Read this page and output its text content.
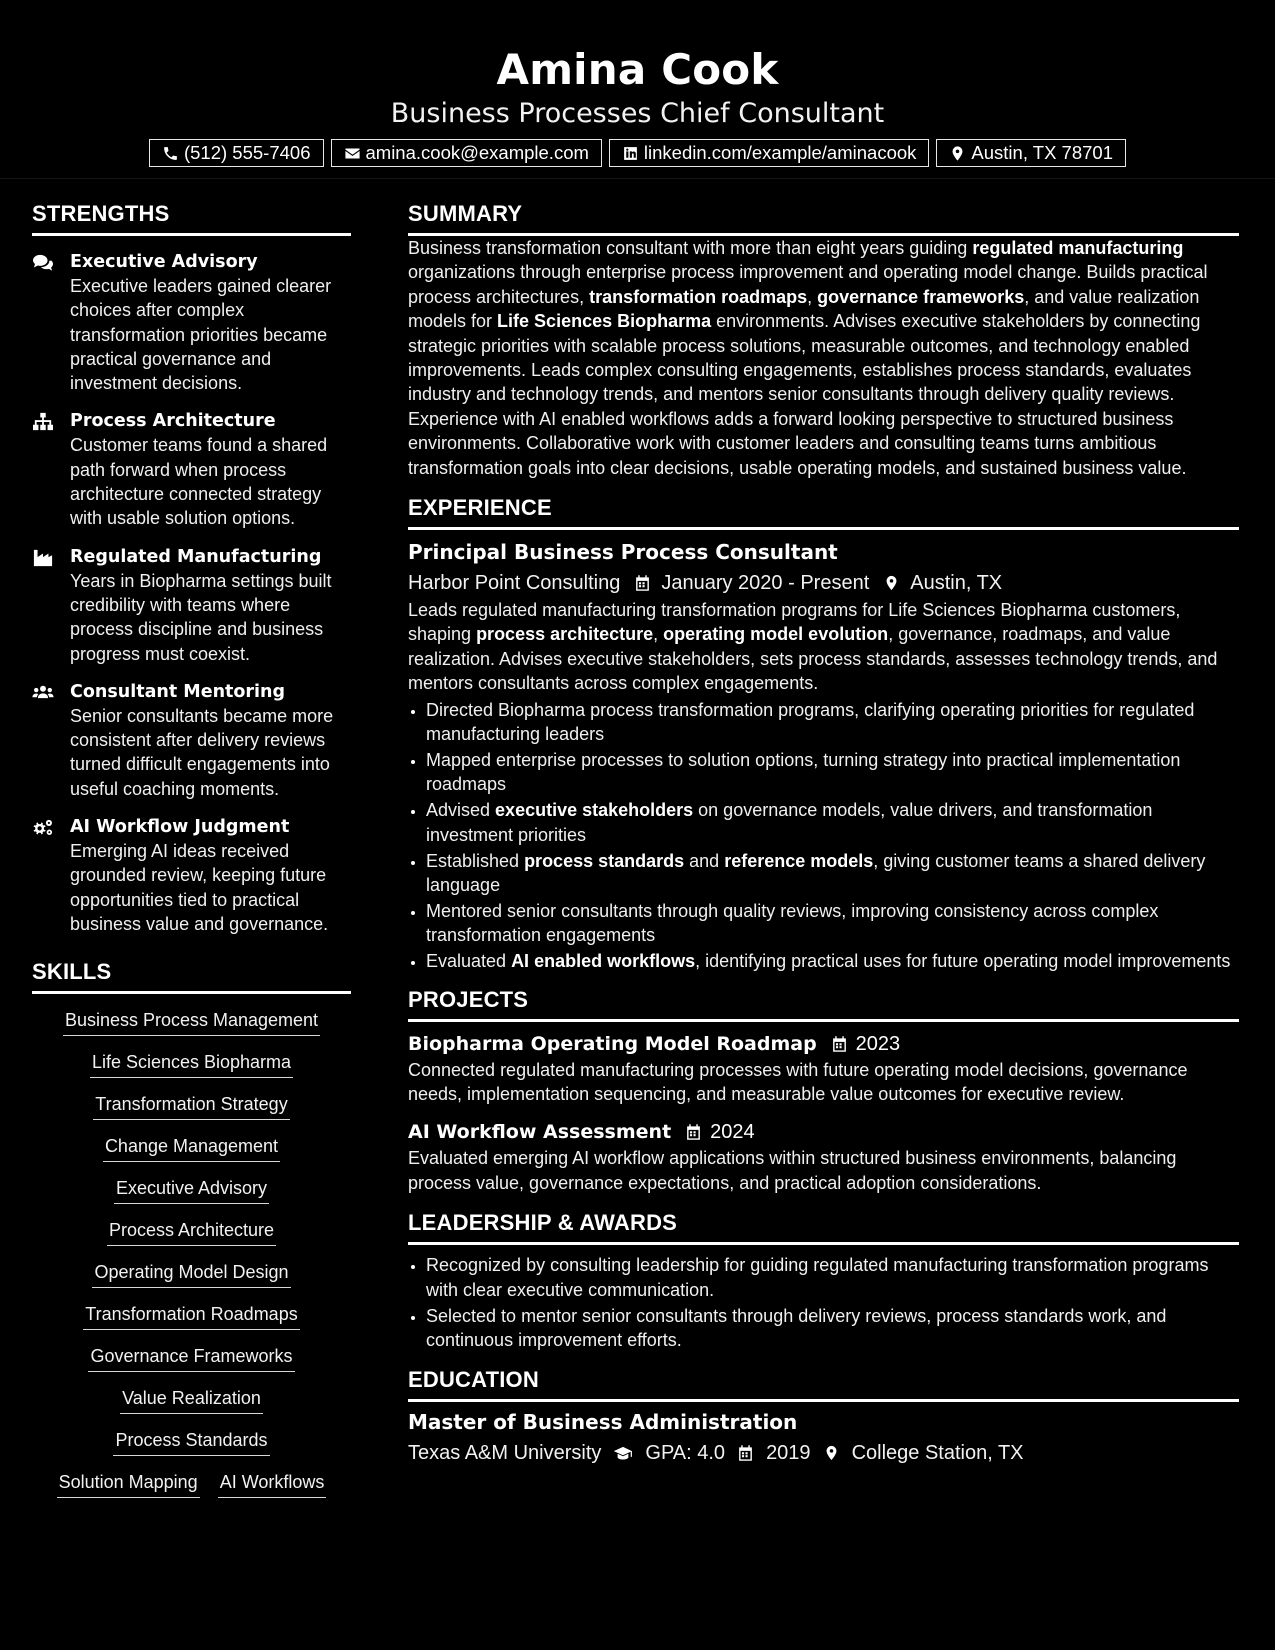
Amina Cook
Business Processes Chief Consultant
(512) 555-7406	amina.cook@example.com	linkedin.com/example/aminacook	Austin, TX 78701
STRENGTHS
Executive Advisory
Executive leaders gained clearer choices after complex transformation priorities became practical governance and investment decisions.
Process Architecture
Customer teams found a shared path forward when process architecture connected strategy with usable solution options.
Regulated Manufacturing
Years in Biopharma settings built credibility with teams where process discipline and business progress must coexist.
Consultant Mentoring
Senior consultants became more consistent after delivery reviews turned difficult engagements into useful coaching moments.
AI Workflow Judgment
Emerging AI ideas received grounded review, keeping future opportunities tied to practical business value and governance.
SKILLS
Business Process Management
Life Sciences Biopharma
Transformation Strategy
Change Management
Executive Advisory
Process Architecture
Operating Model Design
Transformation Roadmaps
Governance Frameworks
Value Realization
Process Standards
Solution Mapping AI Workflows
SUMMARY

Business transformation consultant with more than eight years guiding regulated manufacturing organizations through enterprise process improvement and operating model change. Builds practical process architectures, transformation roadmaps, governance frameworks, and value realization models for Life Sciences Biopharma environments. Advises executive stakeholders by connecting strategic priorities with scalable process solutions, measurable outcomes, and technology enabled improvements. Leads complex consulting engagements, establishes process standards, evaluates industry and technology trends, and mentors senior consultants through delivery quality reviews. Experience with AI enabled workflows adds a forward looking perspective to structured business environments. Collaborative work with customer leaders and consulting teams turns ambitious transformation goals into clear decisions, usable operating models, and sustained business value.

EXPERIENCE
Principal Business Process Consultant
Harbor Point Consulting January 2020 - Present Austin, TX

Leads regulated manufacturing transformation programs for Life Sciences Biopharma customers, shaping process architecture, operating model evolution, governance, roadmaps, and value realization. Advises executive stakeholders, sets process standards, assesses technology trends, and mentors consultants across complex engagements.

• Directed Biopharma process transformation programs, clarifying operating priorities for regulated manufacturing leaders
• Mapped enterprise processes to solution options, turning strategy into practical implementation roadmaps
• Advised executive stakeholders on governance models, value drivers, and transformation investment priorities
• Established process standards and reference models, giving customer teams a shared delivery language
• Mentored senior consultants through quality reviews, improving consistency across complex transformation engagements
• Evaluated AI enabled workflows, identifying practical uses for future operating model improvements
PROJECTS
Biopharma Operating Model Roadmap 2023

Connected regulated manufacturing processes with future operating model decisions, governance needs, implementation sequencing, and measurable value outcomes for executive review.

AI Workflow Assessment 2024

Evaluated emerging AI workflow applications within structured business environments, balancing process value, governance expectations, and practical adoption considerations.

LEADERSHIP & AWARDS
• Recognized by consulting leadership for guiding regulated manufacturing transformation programs with clear executive communication.
• Selected to mentor senior consultants through delivery reviews, process standards work, and continuous improvement efforts.
EDUCATION
Master of Business Administration
Texas A&M University GPA: 4.0 2019 College Station, TX
